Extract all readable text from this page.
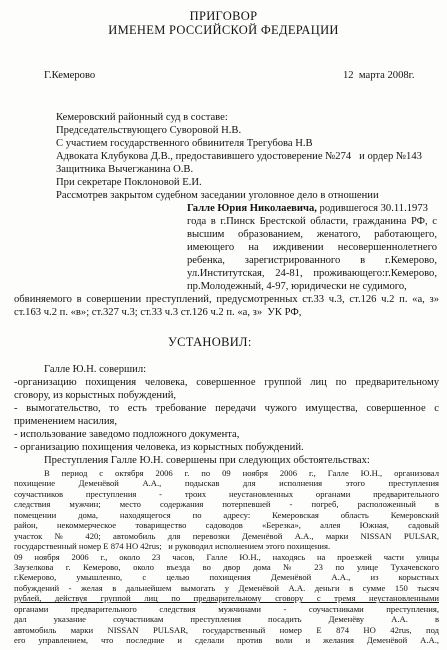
ПРИГОВОР
ИМЕНЕМ РОССИЙСКОЙ ФЕДЕРАЦИИ
Г.Кемерово	12  марта 2008г.
Кемеровский районный суд в составе:
Председательствующего Суворовой Н.В.
С участием государственного обвинителя Трегубова Н.В
Адвоката Клубукова Д.В., предоставившего удостоверение №274   и ордер №143
Защитника Вычегжанина О.В.
При секретаре Поклоновой Е.И.
Рассмотрев закрытом судебном заседании уголовное дело в отношении
Галле Юрия Николаевича, родившегося 30.11.1973
года в г.Пинск Брестской области, гражданина РФ, с
высшим образованием, женатого, работающего,
имеющего на иждивении несовершеннолетнего
ребенка, зарегистрированного в г.Кемерово,
ул.Институтская, 24-81, проживающего:г.Кемерово,
пр.Молодежный, 4-97, юридически не судимого,
обвиняемого в совершении преступлений, предусмотренных ст.33 ч.3, ст.126 ч.2 п. «а, з»
ст.163 ч.2 п. «в»; ст.327 ч.3; ст.33 ч.3 ст.126 ч.2 п. «а, з»  УК РФ,
УСТАНОВИЛ:
Галле Ю.Н. совершил:
-организацию похищения человека, совершенное группой лиц по предварительному
сговору, из корыстных побуждений,
- вымогательство, то есть требование передачи чужого имущества, совершенное с
применением насилия,
- использование заведомо подложного документа,
- организацию похищения человека, из корыстных побуждений.
Преступления Галле Ю.Н. совершены при следующих обстоятельствах:
В период с октября 2006 г. по 09 ноября 2006 г., Галле Ю.Н., организовал
похищение Деменёвой А.А., подыскав для исполнения этого преступления
соучастников преступления - троих неустановленных органами предварительного
следствия мужчин; место содержания потерпевшей - погреб, расположенный в
помещении дома, находящегося по адресу: Кемеровская область Кемеровский
район, некоммерческое товарищество садоводов «Березка», аллея Южная, садовый
участок № 420; автомобиль для перевозки Деменёвой А.А., марки NISSAN PULSAR,
государственный номер Е 874 НО 42rus;   и руководил исполнением этого похищения.
09 ноября 2006 г., около 23 часов, Галле Ю.Н., находясь на проезжей части улицы
Заузелкова г. Кемерово, около въезда во двор дома № 23 по улице Тухачевского
г.Кемерово, умышленно, с целью похищения Деменёвой А.А., из корыстных
побуждений - желая в дальнейшем вымогать у Деменёвой А.А. деньги в сумме 150 тысяч
рублей, действуя группой лиц по предварительному сговору с тремя неустановленными
органами предварительного следствия мужчинами - соучастниками преступления,
дал указание соучастникам преступления посадить Деменёву А.А. в
автомобиль марки NISSAN PULSAR, государственный номер Е 874 НО 42rus, под
его управлением, что последние и сделали против воли и желания Деменёвой А.А.,
